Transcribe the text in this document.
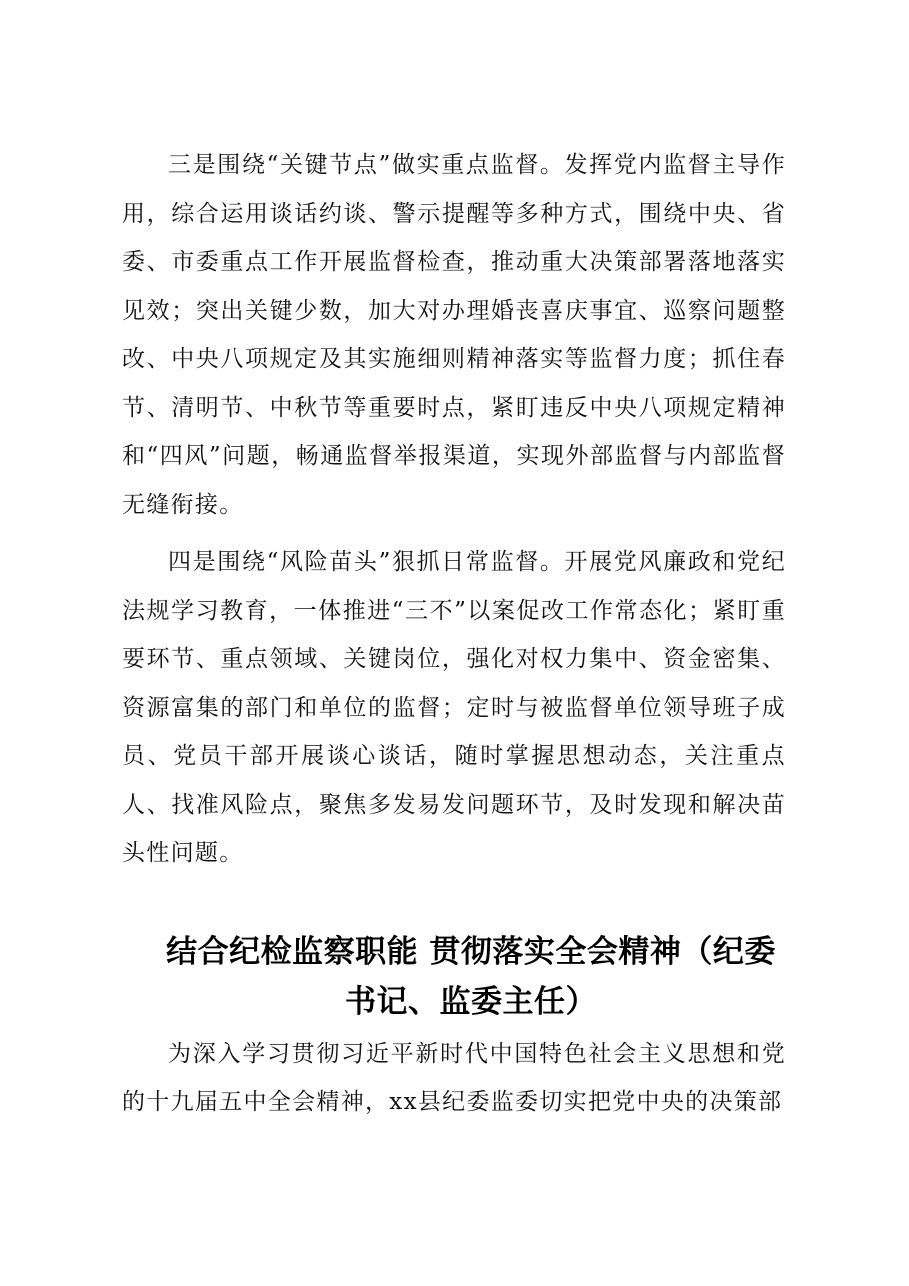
三是围绕“关键节点”做实重点监督。发挥党内监督主导作用，综合运用谈话约谈、警示提醒等多种方式，围绕中央、省委、市委重点工作开展监督检查，推动重大决策部署落地落实见效；突出关键少数，加大对办理婚丧喜庆事宜、巡察问题整改、中央八项规定及其实施细则精神落实等监督力度；抓住春节、清明节、中秋节等重要时点，紧盯违反中央八项规定精神和“四风”问题，畅通监督举报渠道，实现外部监督与内部监督无缝衔接。

四是围绕“风险苗头”狠抓日常监督。开展党风廉政和党纪法规学习教育，一体推进“三不”以案促改工作常态化；紧盯重要环节、重点领域、关键岗位，强化对权力集中、资金密集、资源富集的部门和单位的监督；定时与被监督单位领导班子成员、党员干部开展谈心谈话，随时掌握思想动态，关注重点人、找准风险点，聚焦多发易发问题环节，及时发现和解决苗头性问题。

结合纪检监察职能 贯彻落实全会精神（纪委书记、监委主任）

为深入学习贯彻习近平新时代中国特色社会主义思想和党的十九届五中全会精神，xx县纪委监委切实把党中央的决策部
